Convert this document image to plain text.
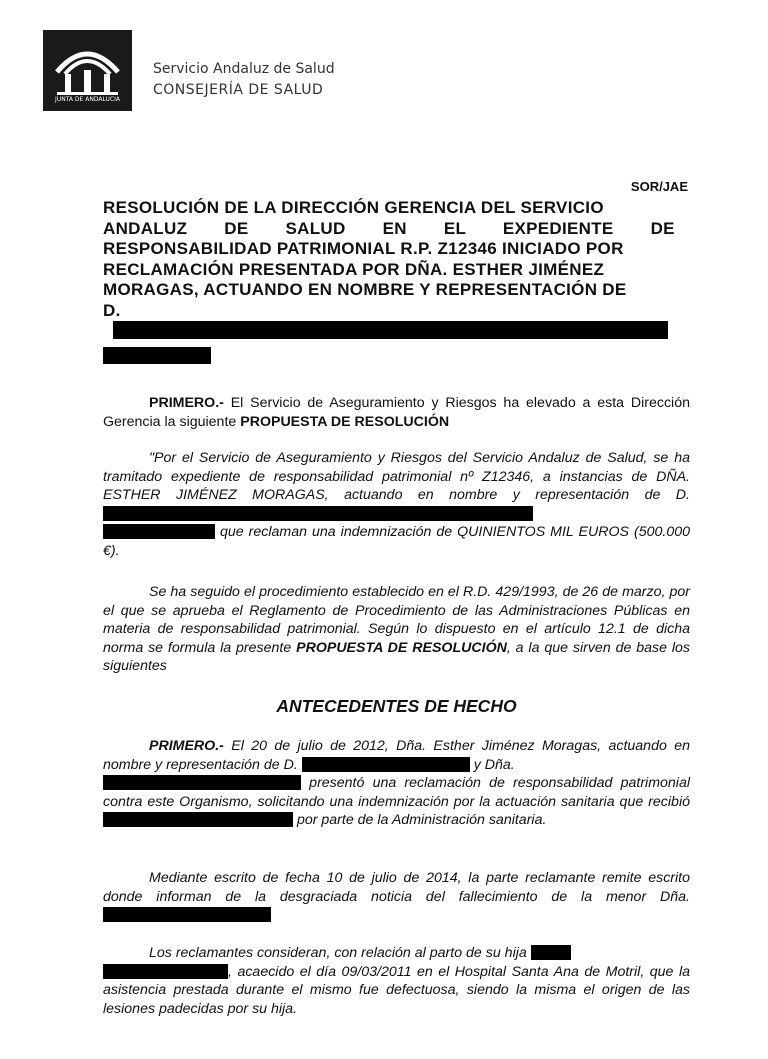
JUNTA DE ANDALUCIA
Servicio Andaluz de Salud
CONSEJERÍA DE SALUD
SOR/JAE
RESOLUCIÓN DE LA DIRECCIÓN GERENCIA DEL SERVICIO
ANDALUZ DE SALUD EN EL EXPEDIENTE DE
RESPONSABILIDAD PATRIMONIAL R.P. Z12346 INICIADO POR
RECLAMACIÓN PRESENTADA POR DÑA. ESTHER JIMÉNEZ
MORAGAS, ACTUANDO EN NOMBRE Y REPRESENTACIÓN DE
D.
PRIMERO.- El Servicio de Aseguramiento y Riesgos ha elevado a esta Dirección Gerencia la siguiente PROPUESTA DE RESOLUCIÓN
"Por el Servicio de Aseguramiento y Riesgos del Servicio Andaluz de Salud, se ha tramitado expediente de responsabilidad patrimonial nº Z12346, a instancias de DÑA. ESTHER JIMÉNEZ MORAGAS, actuando en nombre y representación de D.
que reclaman una indemnización de QUINIENTOS MIL EUROS (500.000 €).
Se ha seguido el procedimiento establecido en el R.D. 429/1993, de 26 de marzo, por el que se aprueba el Reglamento de Procedimiento de las Administraciones Públicas en materia de responsabilidad patrimonial. Según lo dispuesto en el artículo 12.1 de dicha norma se formula la presente PROPUESTA DE RESOLUCIÓN, a la que sirven de base los siguientes
ANTECEDENTES DE HECHO
PRIMERO.- El 20 de julio de 2012, Dña. Esther Jiménez Moragas, actuando en nombre y representación de D.	y Dña.
presentó una reclamación de responsabilidad patrimonial contra este Organismo, solicitando una indemnización por la actuación sanitaria que recibió  por parte de la Administración sanitaria.
Mediante escrito de fecha 10 de julio de 2014, la parte reclamante remite escrito donde informan de la desgraciada noticia del fallecimiento de la menor Dña.
Los reclamantes consideran, con relación al parto de su hija
, acaecido el día 09/03/2011 en el Hospital Santa Ana de Motril, que la asistencia prestada durante el mismo fue defectuosa, siendo la misma el origen de las lesiones padecidas por su hija.
